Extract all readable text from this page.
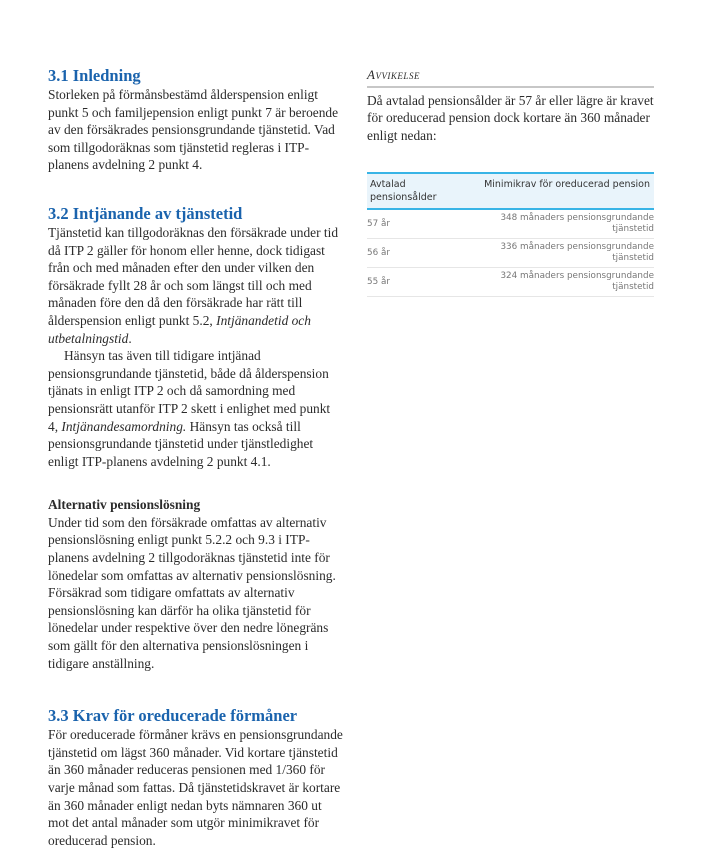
3.1 Inledning

Storleken på förmånsbestämd ålderspension enligt punkt 5 och familjepension enligt punkt 7 är beroende av den försäkrades pensionsgrundande tjänstetid. Vad som tillgodoräknas som tjänstetid regleras i ITP-planens avdelning 2 punkt 4.

3.2 Intjänande av tjänstetid

Tjänstetid kan tillgodoräknas den försäkrade under tid då ITP 2 gäller för honom eller henne, dock tidigast från och med månaden efter den under vilken den försäkrade fyllt 28 år och som längst till och med månaden före den då den försäkrade har rätt till ålderspension enligt punkt 5.2, Intjänandetid och utbetalningstid.

Hänsyn tas även till tidigare intjänad pensionsgrundande tjänstetid, både då ålderspension tjänats in enligt ITP 2 och då samordning med pensionsrätt utanför ITP 2 skett i enlighet med punkt 4, Intjänandesamordning. Hänsyn tas också till pensionsgrundande tjänstetid under tjänstledighet enligt ITP-planens avdelning 2 punkt 4.1.

Alternativ pensionslösning

Under tid som den försäkrade omfattas av alternativ pensionslösning enligt punkt 5.2.2 och 9.3 i ITP-planens avdelning 2 tillgodoräknas tjänstetid inte för lönedelar som omfattas av alternativ pensionslösning. Försäkrad som tidigare omfattats av alternativ pensionslösning kan därför ha olika tjänstetid för lönedelar under respektive över den nedre lönegräns som gällt för den alternativa pensionslösningen i tidigare anställning.

3.3 Krav för oreducerade förmåner

För oreducerade förmåner krävs en pensionsgrundande tjänstetid om lägst 360 månader. Vid kortare tjänstetid än 360 månader reduceras pensionen med 1/360 för varje månad som fattas. Då tjänstetidskravet är kortare än 360 månader enligt nedan byts nämnaren 360 ut mot det antal månader som utgör minimikravet för oreducerad pension.

Avvikelse

Då avtalad pensionsålder är 57 år eller lägre är kravet för oreducerad pension dock kortare än 360 månader enligt nedan:

Avtalad pensionsålder	Minimikrav för oreducerad pension
57 år	348 månaders pensionsgrundande tjänstetid
56 år	336 månaders pensionsgrundande tjänstetid
55 år	324 månaders pensionsgrundande tjänstetid
